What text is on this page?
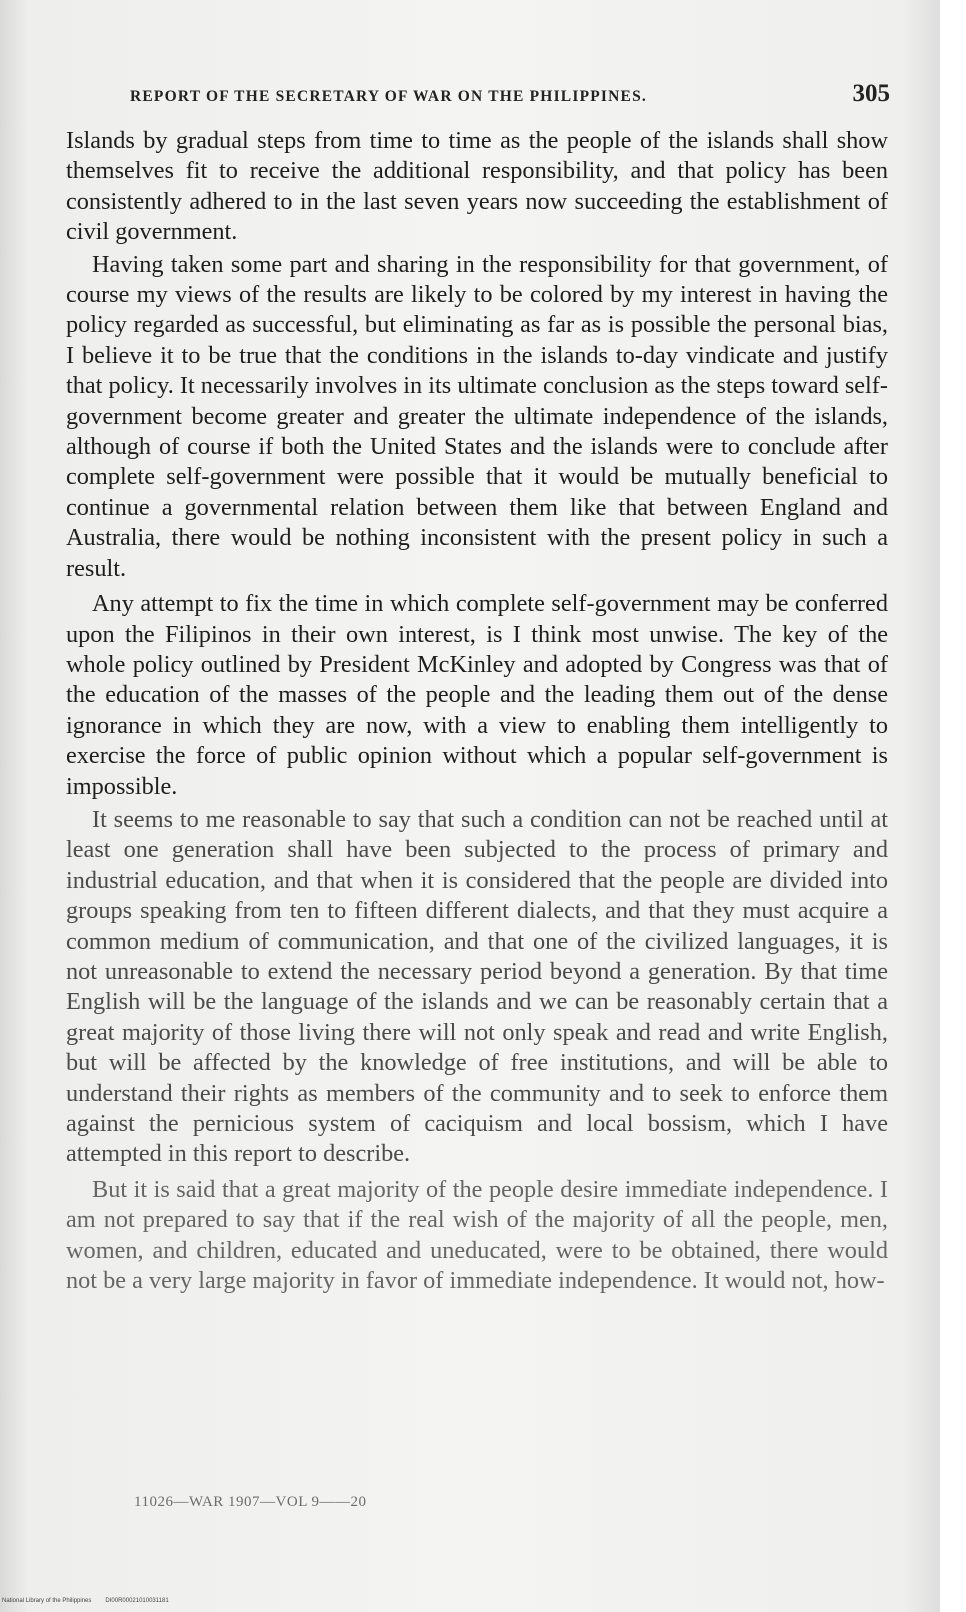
REPORT OF THE SECRETARY OF WAR ON THE PHILIPPINES.	305

Islands by gradual steps from time to time as the people of the islands shall show themselves fit to receive the additional responsibility, and that policy has been consistently adhered to in the last seven years now succeeding the establishment of civil government.

Having taken some part and sharing in the responsibility for that government, of course my views of the results are likely to be colored by my interest in having the policy regarded as successful, but eliminating as far as is possible the personal bias, I believe it to be true that the conditions in the islands to-day vindicate and justify that policy. It necessarily involves in its ultimate conclusion as the steps toward self-government become greater and greater the ultimate independence of the islands, although of course if both the United States and the islands were to conclude after complete self-government were possible that it would be mutually beneficial to continue a governmental relation between them like that between England and Australia, there would be nothing inconsistent with the present policy in such a result.

Any attempt to fix the time in which complete self-government may be conferred upon the Filipinos in their own interest, is I think most unwise. The key of the whole policy outlined by President McKinley and adopted by Congress was that of the education of the masses of the people and the leading them out of the dense ignorance in which they are now, with a view to enabling them intelligently to exercise the force of public opinion without which a popular self-government is impossible.

It seems to me reasonable to say that such a condition can not be reached until at least one generation shall have been subjected to the process of primary and industrial education, and that when it is considered that the people are divided into groups speaking from ten to fifteen different dialects, and that they must acquire a common medium of communication, and that one of the civilized languages, it is not unreasonable to extend the necessary period beyond a generation. By that time English will be the language of the islands and we can be reasonably certain that a great majority of those living there will not only speak and read and write English, but will be affected by the knowledge of free institutions, and will be able to understand their rights as members of the community and to seek to enforce them against the pernicious system of caciquism and local bossism, which I have attempted in this report to describe.

But it is said that a great majority of the people desire immediate independence. I am not prepared to say that if the real wish of the majority of all the people, men, women, and children, educated and uneducated, were to be obtained, there would not be a very large majority in favor of immediate independence. It would not, how-

11026—WAR 1907—VOL 9——20
National Library of the Philippines DI00R00021010031181
